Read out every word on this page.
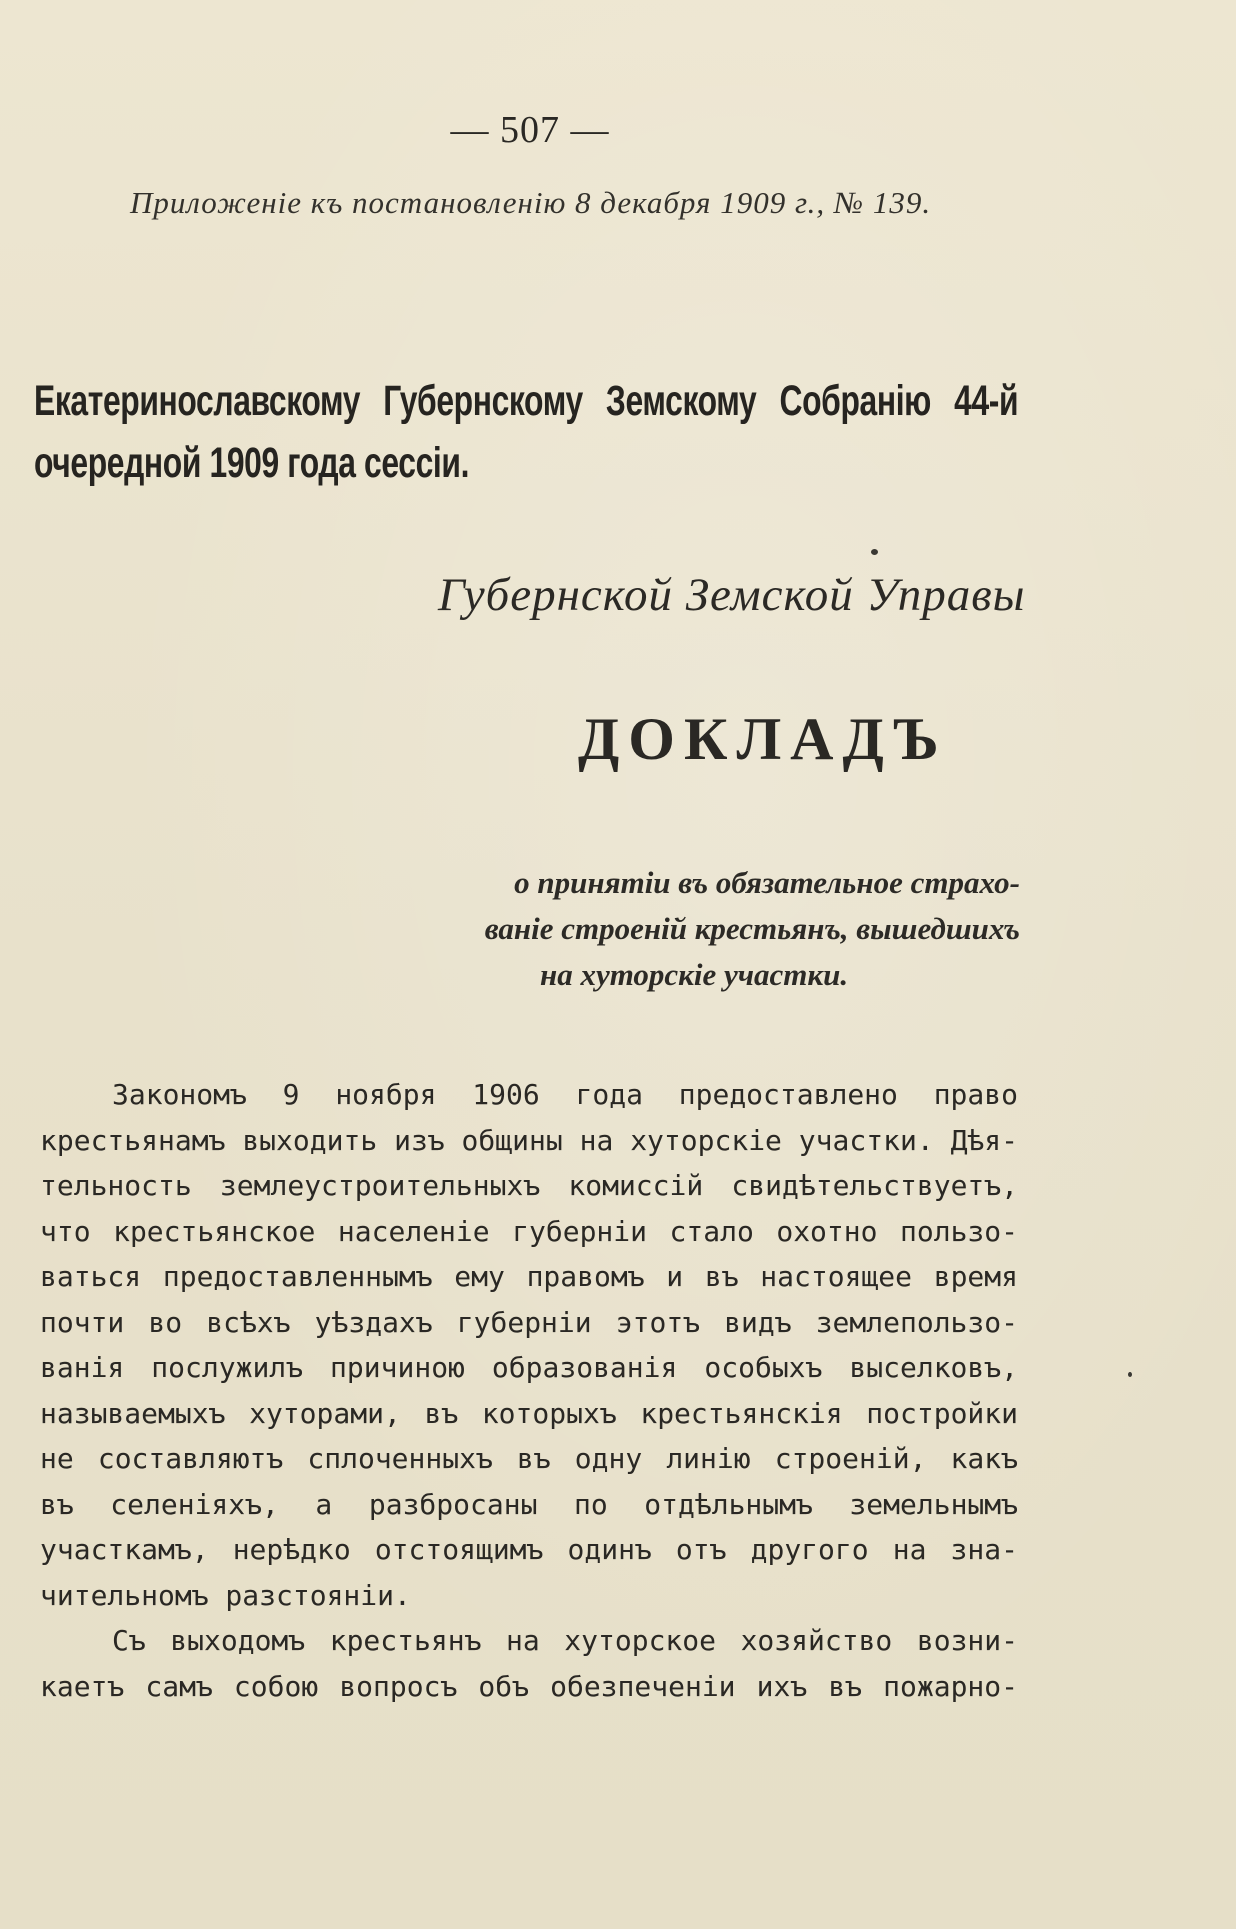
— 507 —
Приложеніе къ постановленію 8 декабря 1909 г., № 139.
Екатеринославскому Губернскому Земскому Собранію 44-й очередной 1909 года сессіи.
Губернской Земской Управы
ДОКЛАДЪ
о принятіи въ обязательное страхо-
ваніе строеній крестьянъ, вышедшихъ
на хуторскіе участки.
Закономъ 9 ноября 1906 года предоставлено право
крестьянамъ выходить изъ общины на хуторскіе участки. Дѣя-
тельность землеустроительныхъ комиссій свидѣтельствуетъ,
что крестьянское населеніе губерніи стало охотно пользо-
ваться предоставленнымъ ему правомъ и въ настоящее время
почти во всѣхъ уѣздахъ губерніи этотъ видъ землепользо-
ванія послужилъ причиною образованія особыхъ выселковъ,
называемыхъ хуторами, въ которыхъ крестьянскія постройки
не составляютъ сплоченныхъ въ одну линію строеній, какъ
въ селеніяхъ, а разбросаны по отдѣльнымъ земельнымъ
участкамъ, нерѣдко отстоящимъ одинъ отъ другого на зна-
чительномъ разстояніи.
Съ выходомъ крестьянъ на хуторское хозяйство возни-
каетъ самъ собою вопросъ объ обезпеченіи ихъ въ пожарно-
